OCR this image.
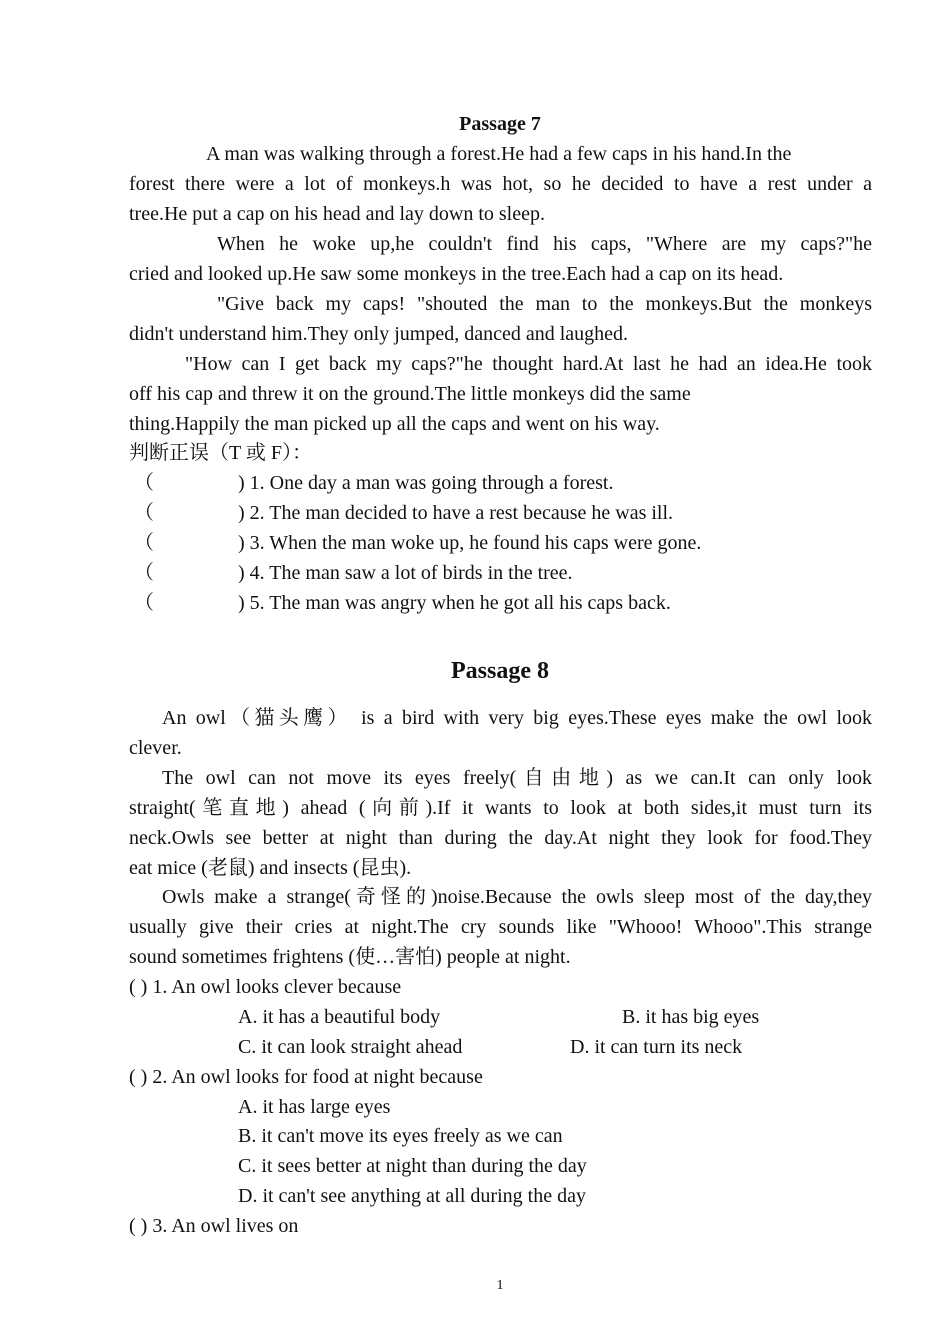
Passage 7
A man was walking through a forest.He had a few caps in his hand.In the
forest there were a lot of monkeys.h was hot, so he decided to have a rest under a
tree.He put a cap on his head and lay down to sleep.
When he woke up,he couldn't find his caps, "Where are my caps?"he
cried and looked up.He saw some monkeys in the tree.Each had a cap on its head.
"Give back my caps! "shouted the man to the monkeys.But the monkeys
didn't understand him.They only jumped, danced and laughed.
"How can I get back my caps?"he thought hard.At last he had an idea.He took
off his cap and threw it on the ground.The little monkeys did the same
thing.Happily the man picked up all the caps and went on his way.
判断正误（T 或 F）：
（	) 1. One day a man was going through a forest.
（	) 2. The man decided to have a rest because he was ill.
（	) 3. When the man woke up, he found his caps were gone.
（	) 4. The man saw a lot of birds in the tree.
（	) 5. The man was angry when he got all his caps back.
Passage 8
An owl（猫头鹰） is a bird with very big eyes.These eyes make the owl look
clever.
The owl can not move its eyes freely(自由地) as we can.It can only look
straight(笔直地) ahead (向前).If it wants to look at both sides,it must turn its
neck.Owls see better at night than during the day.At night they look for food.They
eat mice (老鼠) and insects (昆虫).
Owls make a strange(奇怪的)noise.Because the owls sleep most of the day,they
usually give their cries at night.The cry sounds like "Whooo! Whooo".This strange
sound sometimes frightens (使…害怕) people at night.
( ) 1. An owl looks clever because
A. it has a beautiful body	B. it has big eyes
C. it can look straight ahead	D. it can turn its neck
( ) 2. An owl looks for food at night because
A. it has large eyes
B. it can't move its eyes freely as we can
C. it sees better at night than during the day
D. it can't see anything at all during the day
( ) 3. An owl lives on
1
